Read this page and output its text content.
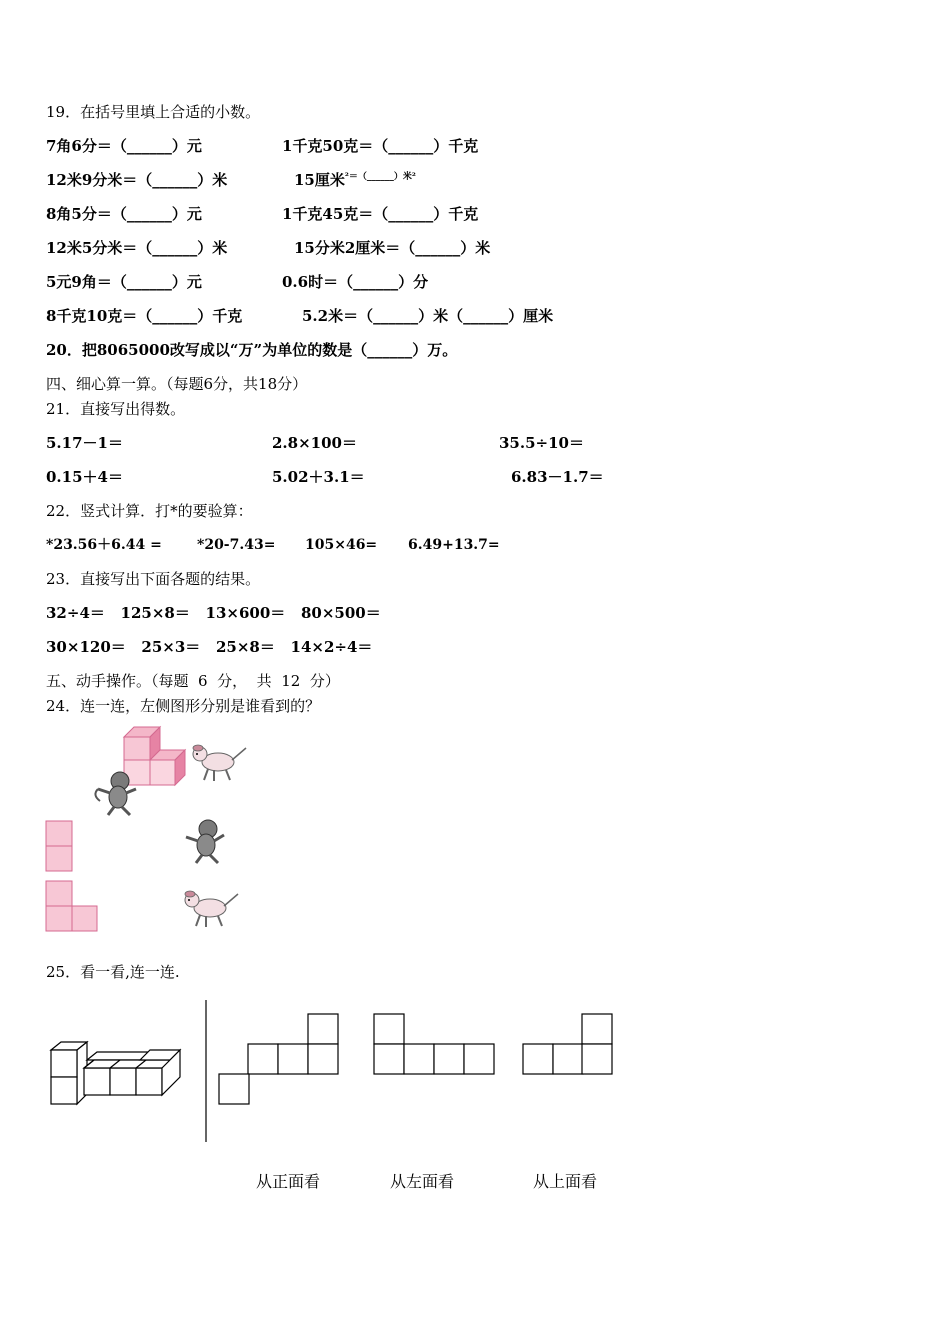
19．在括号里填上合适的小数。
7角6分＝（______）元	1千克50克＝（______）千克
12米9分米＝（______）米	15厘米$^{^2=(\_\_\_\_\_\_)米^2}$
8角5分＝（______）元	1千克45克＝（______）千克
12米5分米＝（______）米	15分米2厘米＝（______）米
5元9角＝（______）元	0.6时＝（______）分
8千克10克＝（______）千克	5.2米＝（______）米（______）厘米
20．把8065000改写成以“万”为单位的数是（______）万。
四、细心算一算。（每题6分，共18分）
21．直接写出得数。
5.17－1＝	2.8×100＝	35.5÷10＝
0.15＋4＝	5.02＋3.1＝	6.83－1.7＝
22．竖式计算．打*的要验算：
*23.56＋6.44 =	*20-7.43= 105×46= 6.49+13.7=
23．直接写出下面各题的结果。
32÷4＝   125×8＝   13×600＝   80×500＝
30×120＝   25×3＝   25×8＝   14×2÷4＝
五、动手操作。（每题  6  分，  共  12  分）
24．连一连，左侧图形分别是谁看到的？
25．看一看,连一连.
从正面看	从左面看	从上面看
